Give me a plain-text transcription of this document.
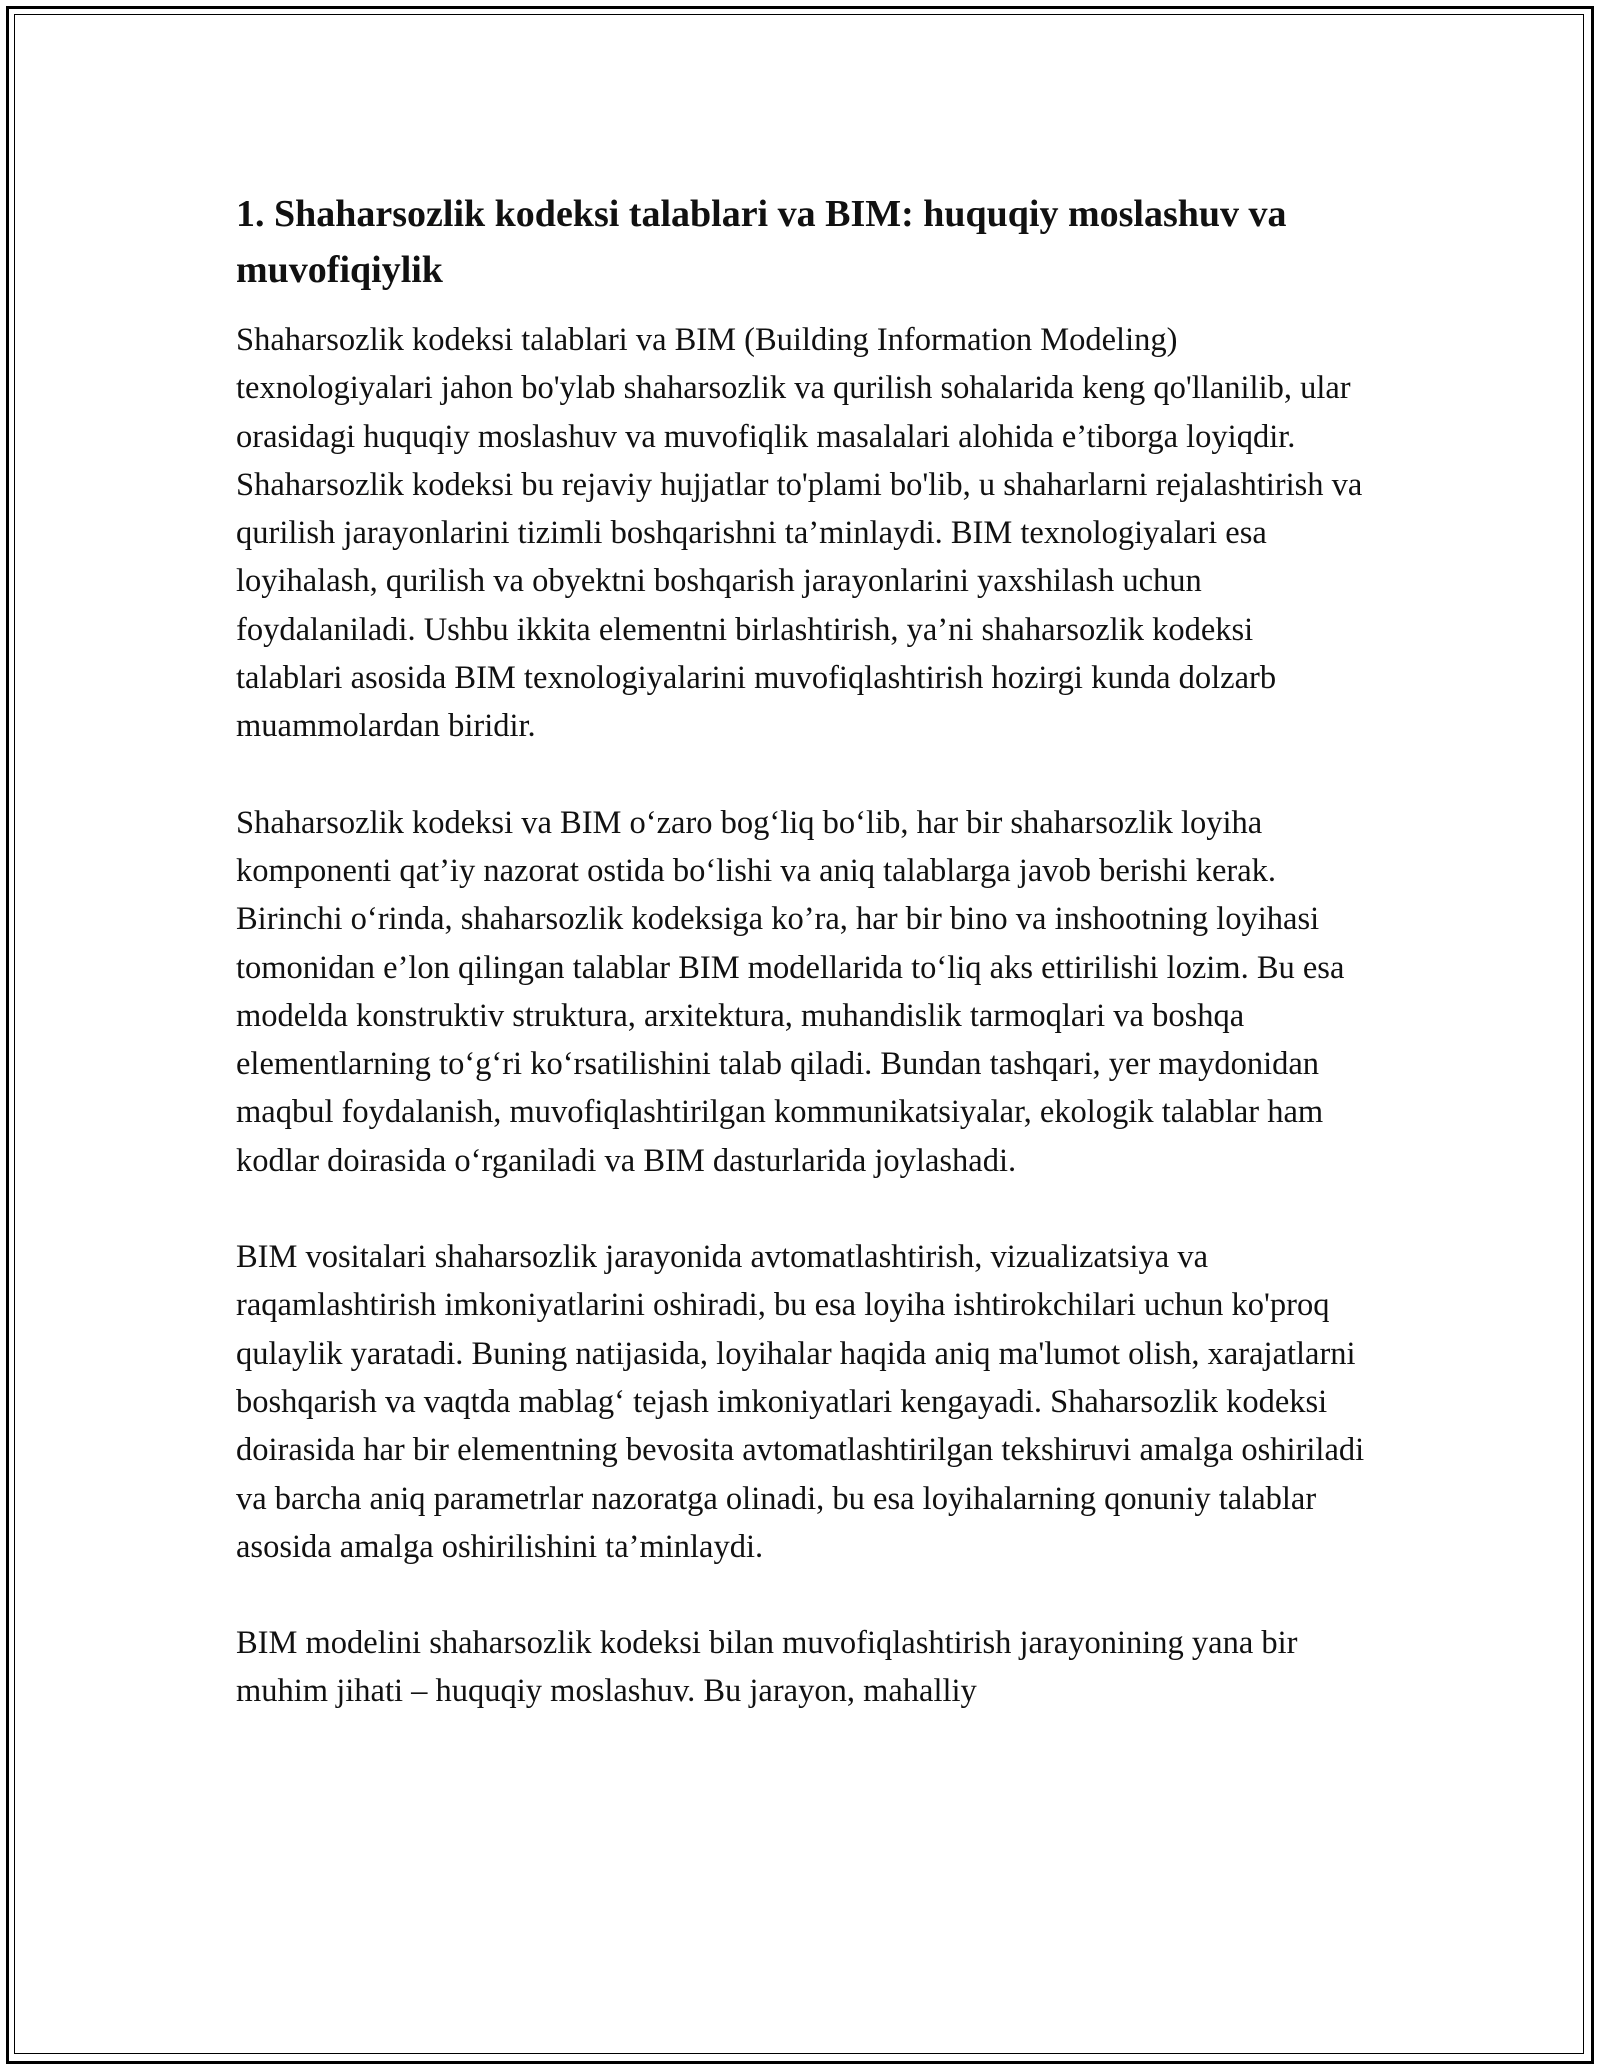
1. Shaharsozlik kodeksi talablari va BIM: huquqiy moslashuv va muvofiqiylik

Shaharsozlik kodeksi talablari va BIM (Building Information Modeling) texnologiyalari jahon bo'ylab shaharsozlik va qurilish sohalarida keng qo'llanilib, ular orasidagi huquqiy moslashuv va muvofiqlik masalalari alohida e’tiborga loyiqdir. Shaharsozlik kodeksi bu rejaviy hujjatlar to'plami bo'lib, u shaharlarni rejalashtirish va qurilish jarayonlarini tizimli boshqarishni ta’minlaydi. BIM texnologiyalari esa loyihalash, qurilish va obyektni boshqarish jarayonlarini yaxshilash uchun foydalaniladi. Ushbu ikkita elementni birlashtirish, ya’ni shaharsozlik kodeksi talablari asosida BIM texnologiyalarini muvofiqlashtirish hozirgi kunda dolzarb muammolardan biridir.

Shaharsozlik kodeksi va BIM o‘zaro bog‘liq bo‘lib, har bir shaharsozlik loyiha komponenti qat’iy nazorat ostida bo‘lishi va aniq talablarga javob berishi kerak. Birinchi o‘rinda, shaharsozlik kodeksiga ko’ra, har bir bino va inshootning loyihasi tomonidan e’lon qilingan talablar BIM modellarida to‘liq aks ettirilishi lozim. Bu esa modelda konstruktiv struktura, arxitektura, muhandislik tarmoqlari va boshqa elementlarning to‘g‘ri ko‘rsatilishini talab qiladi. Bundan tashqari, yer maydonidan maqbul foydalanish, muvofiqlashtirilgan kommunikatsiyalar, ekologik talablar ham kodlar doirasida o‘rganiladi va BIM dasturlarida joylashadi.

BIM vositalari shaharsozlik jarayonida avtomatlashtirish, vizualizatsiya va raqamlashtirish imkoniyatlarini oshiradi, bu esa loyiha ishtirokchilari uchun ko'proq qulaylik yaratadi. Buning natijasida, loyihalar haqida aniq ma'lumot olish, xarajatlarni boshqarish va vaqtda mablag‘ tejash imkoniyatlari kengayadi. Shaharsozlik kodeksi doirasida har bir elementning bevosita avtomatlashtirilgan tekshiruvi amalga oshiriladi va barcha aniq parametrlar nazoratga olinadi, bu esa loyihalarning qonuniy talablar asosida amalga oshirilishini ta’minlaydi.

BIM modelini shaharsozlik kodeksi bilan muvofiqlashtirish jarayonining yana bir muhim jihati – huquqiy moslashuv. Bu jarayon, mahalliy
